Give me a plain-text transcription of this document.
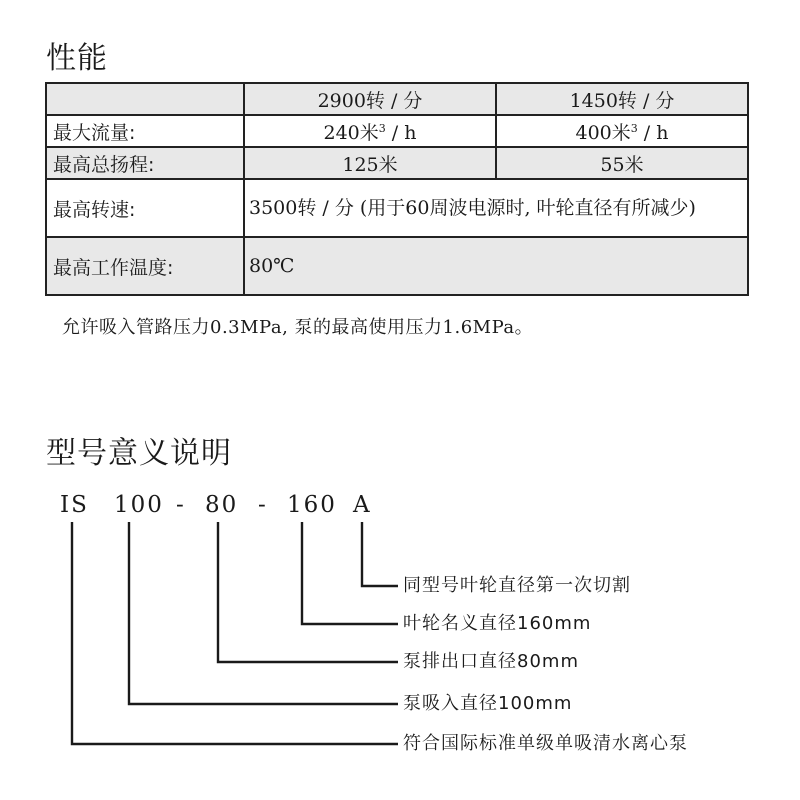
性能
	2900转 / 分	1450转 / 分
最大流量:	240米$^3$ / h	400米$^3$ / h
最高总扬程:	125米	55米
最高转速:	3500转 / 分 (用于60周波电源时, 叶轮直径有所减少)	
最高工作温度:	80℃	
允许吸入管路压力0.3MPa, 泵的最高使用压力1.6MPa。
型号意义说明
IS 100 - 80 - 160 A
同型号叶轮直径第一次切割
叶轮名义直径160mm
泵排出口直径80mm
泵吸入直径100mm
符合国际标准单级单吸清水离心泵
